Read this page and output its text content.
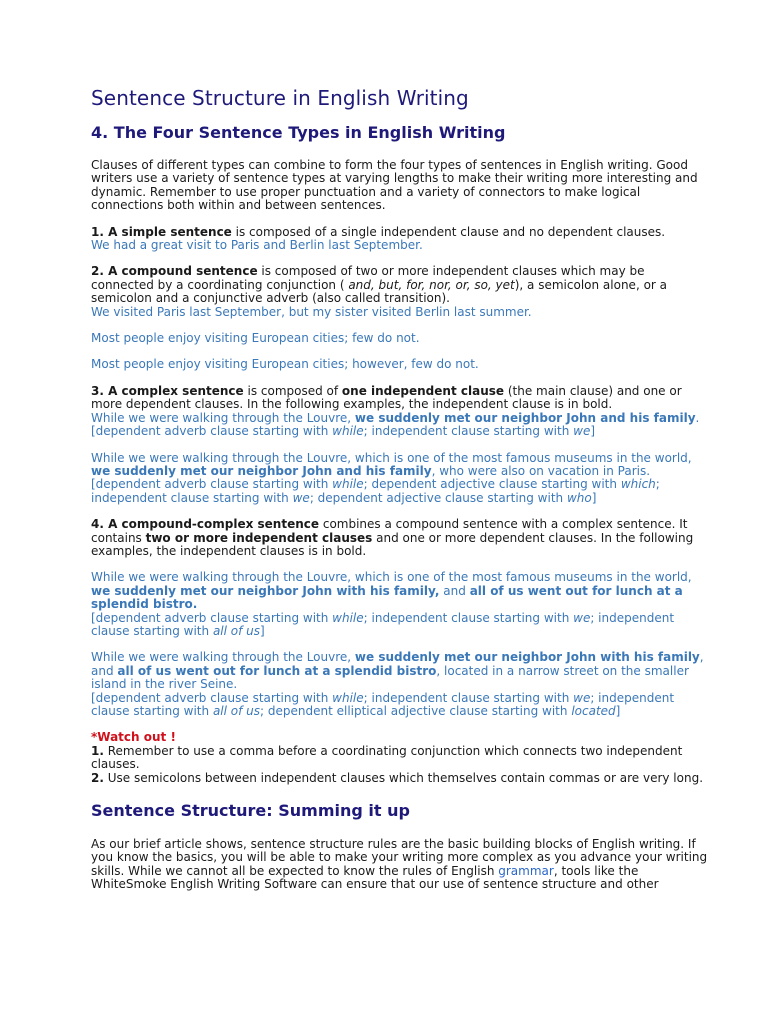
Sentence Structure in English Writing
4. The Four Sentence Types in English Writing
Clauses of different types can combine to form the four types of sentences in English writing. Good writers use a variety of sentence types at varying lengths to make their writing more interesting and dynamic. Remember to use proper punctuation and a variety of connectors to make logical connections both within and between sentences.
1. A simple sentence is composed of a single independent clause and no dependent clauses.
We had a great visit to Paris and Berlin last September.
2. A compound sentence is composed of two or more independent clauses which may be connected by a coordinating conjunction ( and, but, for, nor, or, so, yet), a semicolon alone, or a semicolon and a conjunctive adverb (also called transition).
We visited Paris last September, but my sister visited Berlin last summer.
Most people enjoy visiting European cities; few do not.
Most people enjoy visiting European cities; however, few do not.
3. A complex sentence is composed of one independent clause (the main clause) and one or more dependent clauses. In the following examples, the independent clause is in bold.
While we were walking through the Louvre, we suddenly met our neighbor John and his family.
[dependent adverb clause starting with while; independent clause starting with we]
While we were walking through the Louvre, which is one of the most famous museums in the world, we suddenly met our neighbor John and his family, who were also on vacation in Paris.
[dependent adverb clause starting with while; dependent adjective clause starting with which; independent clause starting with we; dependent adjective clause starting with who]
4. A compound-complex sentence combines a compound sentence with a complex sentence. It contains two or more independent clauses and one or more dependent clauses. In the following examples, the independent clauses is in bold.
While we were walking through the Louvre, which is one of the most famous museums in the world, we suddenly met our neighbor John with his family, and all of us went out for lunch at a splendid bistro.
[dependent adverb clause starting with while; independent clause starting with we; independent clause starting with all of us]
While we were walking through the Louvre, we suddenly met our neighbor John with his family, and all of us went out for lunch at a splendid bistro, located in a narrow street on the smaller island in the river Seine.
[dependent adverb clause starting with while; independent clause starting with we; independent clause starting with all of us; dependent elliptical adjective clause starting with located]
*Watch out !
1. Remember to use a comma before a coordinating conjunction which connects two independent clauses.
2. Use semicolons between independent clauses which themselves contain commas or are very long.
Sentence Structure: Summing it up
As our brief article shows, sentence structure rules are the basic building blocks of English writing. If you know the basics, you will be able to make your writing more complex as you advance your writing skills. While we cannot all be expected to know the rules of English grammar, tools like the WhiteSmoke English Writing Software can ensure that our use of sentence structure and other
